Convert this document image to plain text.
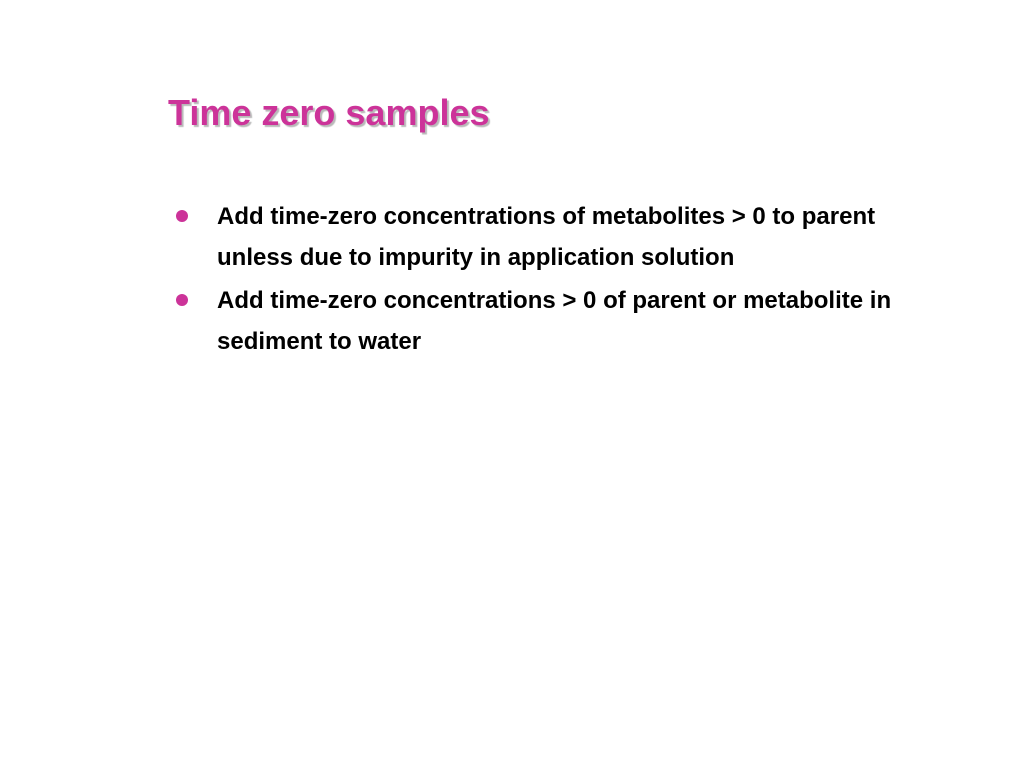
Time zero samples
Add time-zero concentrations of metabolites > 0 to parent unless due to impurity in application solution
Add time-zero concentrations > 0 of parent or metabolite in sediment to water
